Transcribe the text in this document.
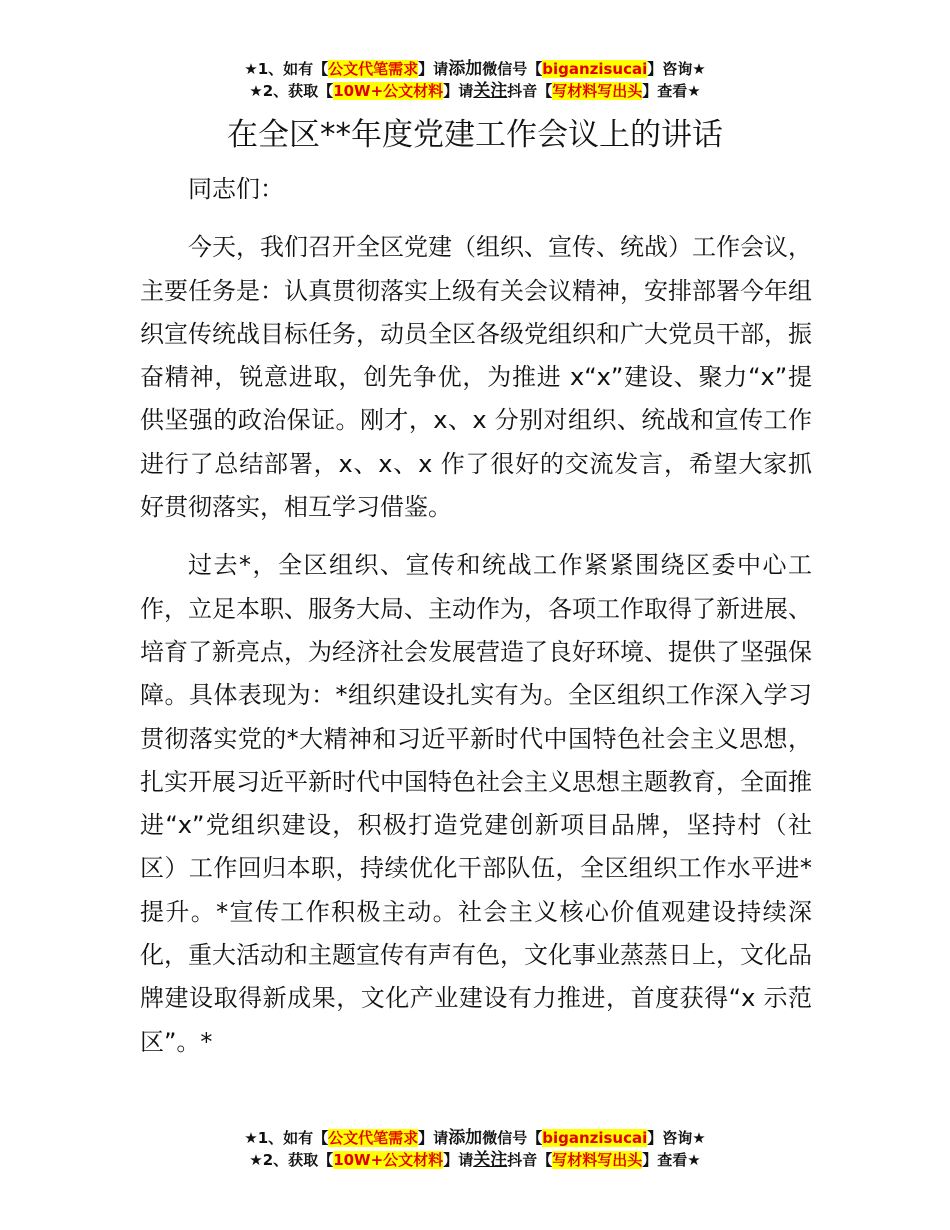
★1、如有【公文代笔需求】请添加微信号【biganzisucai】咨询★
★2、获取【10W+公文材料】请关注抖音【写材料写出头】查看★
在全区**年度党建工作会议上的讲话

同志们：

今天，我们召开全区党建（组织、宣传、统战）工作会议，主要任务是：认真贯彻落实上级有关会议精神，安排部署今年组织宣传统战目标任务，动员全区各级党组织和广大党员干部，振奋精神，锐意进取，创先争优，为推进 x“x”建设、聚力“x”提供坚强的政治保证。刚才，x、x 分别对组织、统战和宣传工作进行了总结部署，x、x、x 作了很好的交流发言，希望大家抓好贯彻落实，相互学习借鉴。

过去*，全区组织、宣传和统战工作紧紧围绕区委中心工作，立足本职、服务大局、主动作为，各项工作取得了新进展、培育了新亮点，为经济社会发展营造了良好环境、提供了坚强保障。具体表现为：*组织建设扎实有为。全区组织工作深入学习贯彻落实党的*大精神和习近平新时代中国特色社会主义思想，扎实开展习近平新时代中国特色社会主义思想主题教育，全面推进“x”党组织建设，积极打造党建创新项目品牌，坚持村（社区）工作回归本职，持续优化干部队伍，全区组织工作水平进*提升。*宣传工作积极主动。社会主义核心价值观建设持续深化，重大活动和主题宣传有声有色，文化事业蒸蒸日上，文化品牌建设取得新成果，文化产业建设有力推进，首度获得“x 示范区”。*

★1、如有【公文代笔需求】请添加微信号【biganzisucai】咨询★
★2、获取【10W+公文材料】请关注抖音【写材料写出头】查看★
